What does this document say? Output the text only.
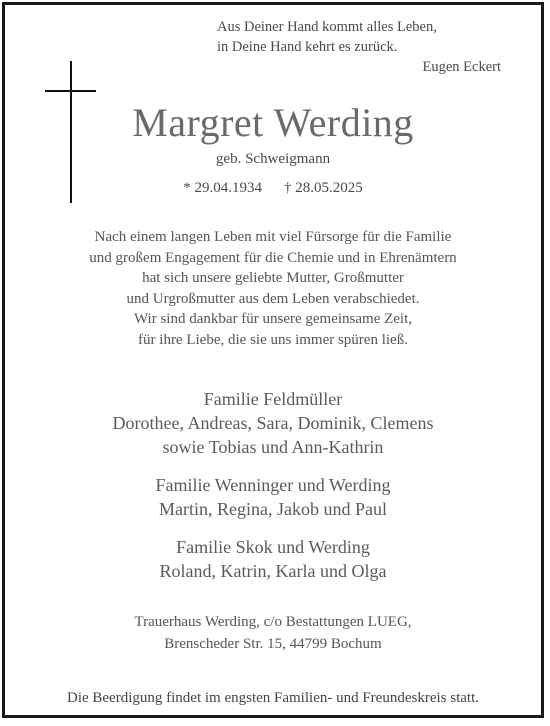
Aus Deiner Hand kommt alles Leben,
in Deine Hand kehrt es zurück.
Eugen Eckert
Margret Werding
geb. Schweigmann
* 29.04.1934 † 28.05.2025
Nach einem langen Leben mit viel Fürsorge für die Familie
und großem Engagement für die Chemie und in Ehrenämtern
hat sich unsere geliebte Mutter, Großmutter
und Urgroßmutter aus dem Leben verabschiedet.
Wir sind dankbar für unsere gemeinsame Zeit,
für ihre Liebe, die sie uns immer spüren ließ.
Familie Feldmüller
Dorothee, Andreas, Sara, Dominik, Clemens
sowie Tobias und Ann-Kathrin
Familie Wenninger und Werding
Martin, Regina, Jakob und Paul
Familie Skok und Werding
Roland, Katrin, Karla und Olga
Trauerhaus Werding, c/o Bestattungen LUEG,
Brenscheder Str. 15, 44799 Bochum
Die Beerdigung findet im engsten Familien- und Freundeskreis statt.
